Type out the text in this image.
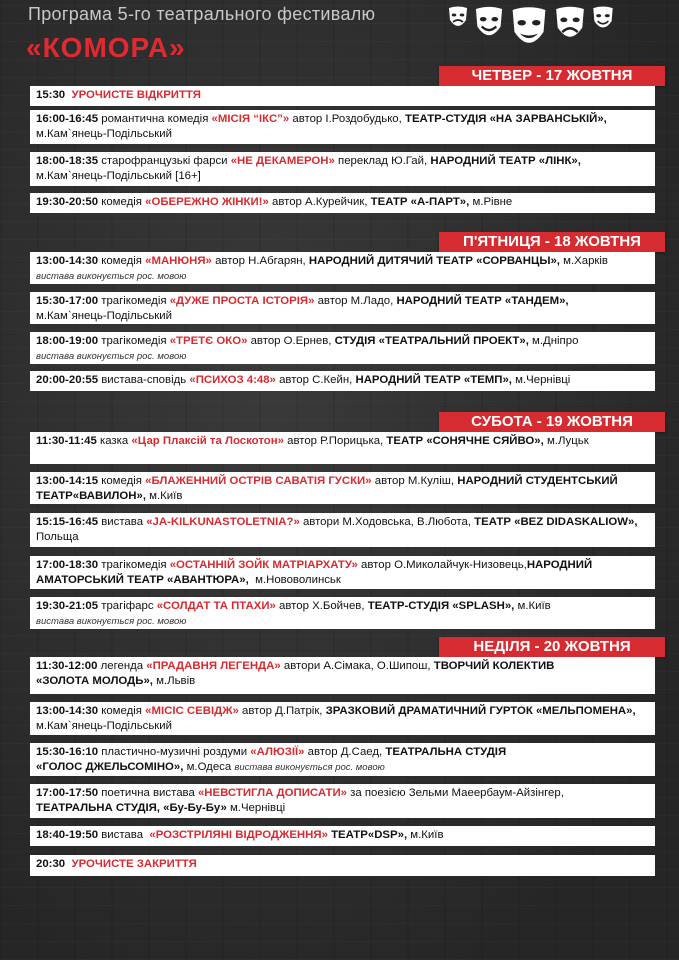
Програма 5-го театрального фестивалю
«КОМОРА»
ЧЕТВЕР - 17 ЖОВТНЯ
15:30 УРОЧИСТЕ ВІДКРИТТЯ
16:00-16:45 романтична комедія «МІСІЯ “ІКС”» автор І.Роздобудько, ТЕАТР-СТУДІЯ «НА ЗАРВАНСЬКІЙ»,
м.Кам`янець-Подільський
18:00-18:35 старофранцузькі фарси «НЕ ДЕКАМЕРОН» переклад Ю.Гай, НАРОДНИЙ ТЕАТР «ЛІНК»,
м.Кам`янець-Подільський [16+]
19:30-20:50 комедія «ОБЕРЕЖНО ЖІНКИ!» автор А.Курейчик, ТЕАТР «А-ПАРТ», м.Рівне
П'ЯТНИЦЯ - 18 ЖОВТНЯ
13:00-14:30 комедія «МАНЮНЯ» автор Н.Абгарян, НАРОДНИЙ ДИТЯЧИЙ ТЕАТР «СОРВАНЦЫ», м.Харків
вистава виконується рос. мовою
15:30-17:00 трагікомедія «ДУЖЕ ПРОСТА ІСТОРІЯ» автор М.Ладо, НАРОДНИЙ ТЕАТР «ТАНДЕМ»,
м.Кам`янець-Подільський
18:00-19:00 трагікомедія «ТРЕТЄ ОКО» автор О.Ернев, СТУДІЯ «ТЕАТРАЛЬНИЙ ПРОЕКТ», м.Дніпро
вистава виконується рос. мовою
20:00-20:55 вистава-сповідь «ПСИХОЗ 4:48» автор С.Кейн, НАРОДНИЙ ТЕАТР «ТЕМП», м.Чернівці
СУБОТА - 19 ЖОВТНЯ
11:30-11:45 казка «Цар Плаксій та Лоскотон» автор Р.Порицька, ТЕАТР «СОНЯЧНЕ СЯЙВО», м.Луцьк
13:00-14:15 комедія «БЛАЖЕННИЙ ОСТРІВ САВАТІЯ ГУСКИ» автор М.Куліш, НАРОДНИЙ СТУДЕНТСЬКИЙ
ТЕАТР«ВАВИЛОН», м.Київ
15:15-16:45 вистава «JA-KILKUNASTOLETNIA?» автори М.Ходовська, В.Любота, ТЕАТР «BEZ DIDASKALIOW»,
Польща
17:00-18:30 трагікомедія «ОСТАННІЙ ЗОЙК МАТРІАРХАТУ» автор О.Миколайчук-Низовець,НАРОДНИЙ
АМАТОРСЬКИЙ ТЕАТР «АВАНТЮРА», м.Нововолинськ
19:30-21:05 трагіфарс «СОЛДАТ ТА ПТАХИ» автор Х.Бойчев, ТЕАТР-СТУДІЯ «SPLASH», м.Київ
вистава виконується рос. мовою
НЕДІЛЯ - 20 ЖОВТНЯ
11:30-12:00 легенда «ПРАДАВНЯ ЛЕГЕНДА» автори А.Сімака, О.Шипош, ТВОРЧИЙ КОЛЕКТИВ
«ЗОЛОТА МОЛОДЬ», м.Львів
13:00-14:30 комедія «МІСІС СЕВІДЖ» автор Д.Патрік, ЗРАЗКОВИЙ ДРАМАТИЧНИЙ ГУРТОК «МЕЛЬПОМЕНА»,
м.Кам`янець-Подільський
15:30-16:10 пластично-музичні роздуми «АЛЮЗІЇ» автор Д.Саед, ТЕАТРАЛЬНА СТУДІЯ
«ГОЛОС ДЖЕЛЬСОМІНО», м.Одеса вистава виконується рос. мовою
17:00-17:50 поетична вистава «НЕВСТИГЛА ДОПИСАТИ» за поезією Зельми Маеербаум-Айзінгер,
ТЕАТРАЛЬНА СТУДІЯ, «Бу-Бу-Бу» м.Чернівці
18:40-19:50 вистава «РОЗСТРІЛЯНІ ВІДРОДЖЕННЯ» ТЕАТР«DSP», м.Київ
20:30 УРОЧИСТЕ ЗАКРИТТЯ
